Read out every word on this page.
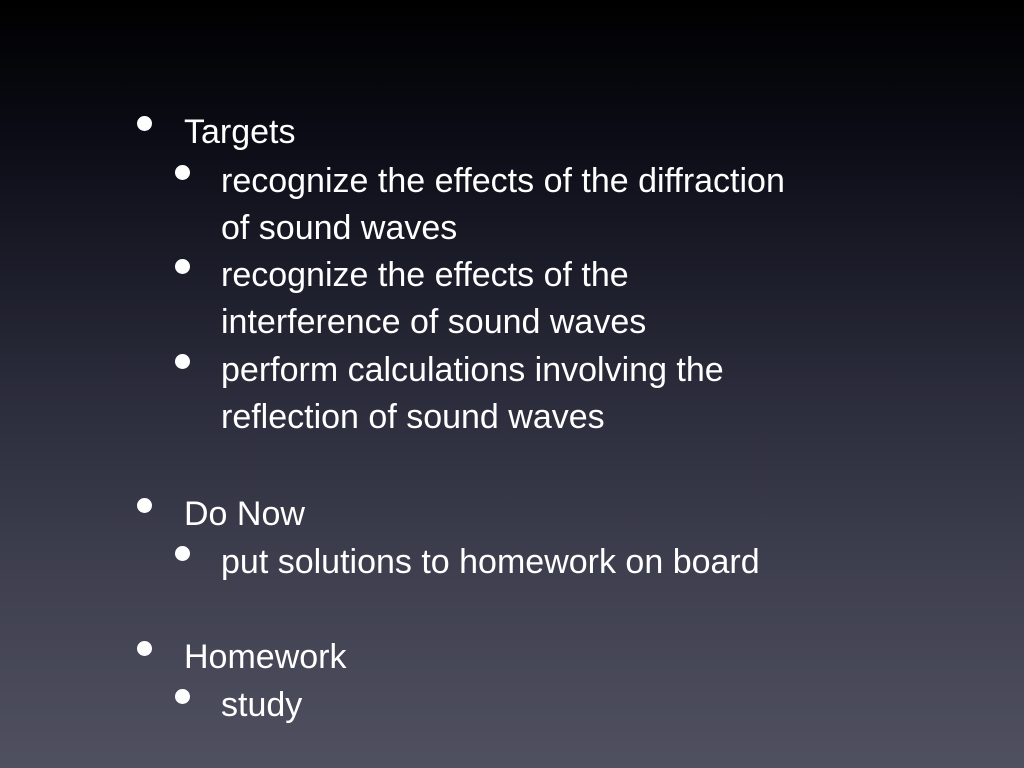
Targets
recognize the effects of the diffraction
of sound waves
recognize the effects of the
interference of sound waves
perform calculations involving the
reflection of sound waves
Do Now
put solutions to homework on board
Homework
study
